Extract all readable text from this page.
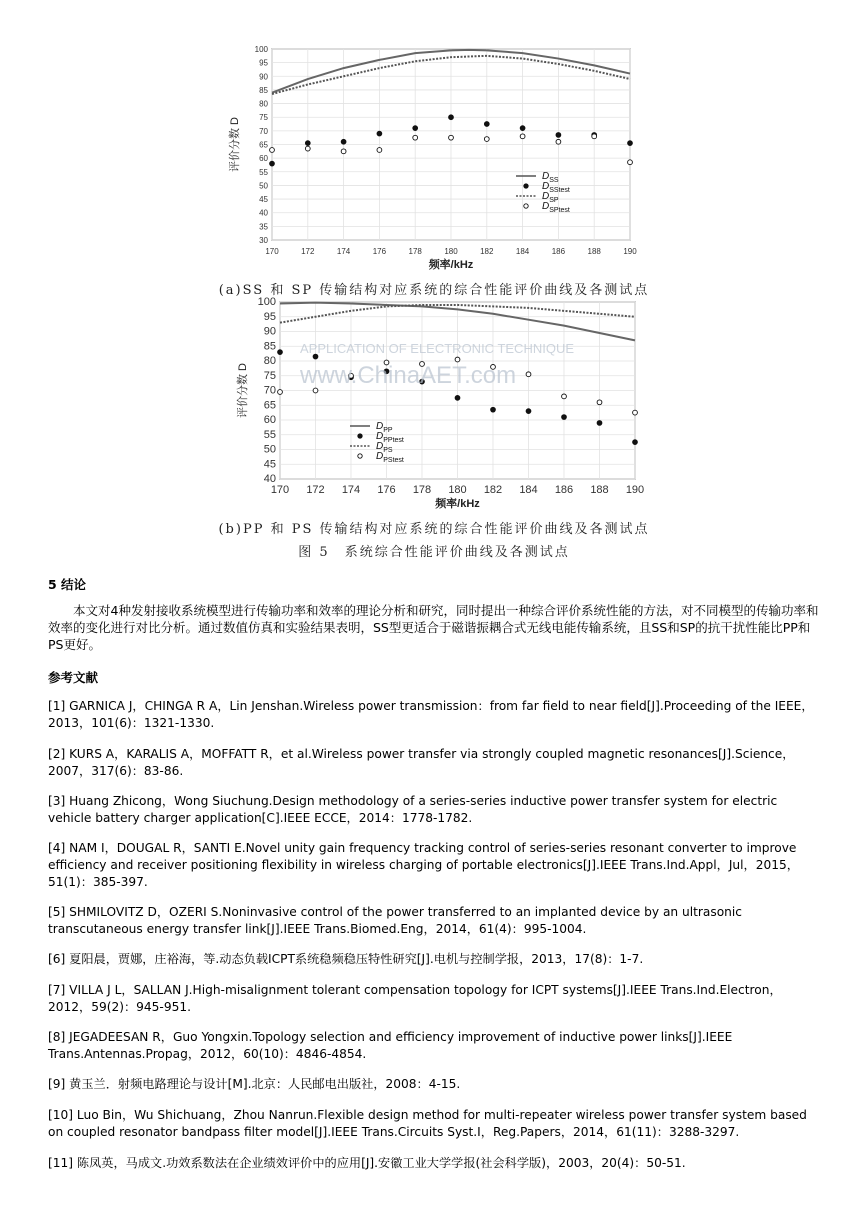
170	172	174	176	178	180	182	184	186	188	190
30
35
40
45
50
55
60
65
70
75
80
85
90
95
100
评价分数 D
频率/kHz
$D_{SS}$
$D_{SStest}$
$D_{SP}$
$D_{SPtest}$
170 172 174 176 178 180 182 184 186 188 190
40
45
50
55
60
65
70
75
80
85
90
95
100
评价分数 D
频率/kHz
$D_{PP}$
$D_{PPtest}$
$D_{PS}$
$D_{PStest}$
APPLICATION OF ELECTRONIC TECHNIQUE
www.ChinaAET.com
(a)SS 和 SP 传输结构对应系统的综合性能评价曲线及各测试点
(b)PP 和 PS 传输结构对应系统的综合性能评价曲线及各测试点
图 5　系统综合性能评价曲线及各测试点
5 结论
本文对4种发射接收系统模型进行传输功率和效率的理论分析和研究，同时提出一种综合评价系统性能的方法，对不同模型的传输功率和效率的变化进行对比分析。通过数值仿真和实验结果表明，SS型更适合于磁谐振耦合式无线电能传输系统，且SS和SP的抗干扰性能比PP和PS更好。
参考文献
[1] GARNICA J，CHINGA R A，Lin Jenshan.Wireless power transmission：from far field to near field[J].Proceeding of the IEEE，2013，101(6)：1321-1330.
[2] KURS A，KARALIS A，MOFFATT R，et al.Wireless power transfer via strongly coupled magnetic resonances[J].Science，2007，317(6)：83-86.
[3] Huang Zhicong，Wong Siuchung.Design methodology of a series-series inductive power transfer system for electric vehicle battery charger application[C].IEEE ECCE，2014：1778-1782.
[4] NAM I，DOUGAL R，SANTI E.Novel unity gain frequency tracking control of series-series resonant converter to improve efficiency and receiver positioning flexibility in wireless charging of portable electronics[J].IEEE Trans.Ind.Appl，Jul，2015，51(1)：385-397.
[5] SHMILOVITZ D，OZERI S.Noninvasive control of the power transferred to an implanted device by an ultrasonic transcutaneous energy transfer link[J].IEEE Trans.Biomed.Eng，2014，61(4)：995-1004.
[6] 夏阳晨，贾娜，庄裕海，等.动态负载ICPT系统稳频稳压特性研究[J].电机与控制学报，2013，17(8)：1-7.
[7] VILLA J L，SALLAN J.High-misalignment tolerant compensation topology for ICPT systems[J].IEEE Trans.Ind.Electron，2012，59(2)：945-951.
[8] JEGADEESAN R，Guo Yongxin.Topology selection and efficiency improvement of inductive power links[J].IEEE Trans.Antennas.Propag，2012，60(10)：4846-4854.
[9] 黄玉兰．射频电路理论与设计[M].北京：人民邮电出版社，2008：4-15.
[10] Luo Bin，Wu Shichuang，Zhou Nanrun.Flexible design method for multi-repeater wireless power transfer system based on coupled resonator bandpass filter model[J].IEEE Trans.Circuits Syst.I，Reg.Papers，2014，61(11)：3288-3297.
[11] 陈凤英，马成文.功效系数法在企业绩效评价中的应用[J].安徽工业大学学报(社会科学版)，2003，20(4)：50-51.
